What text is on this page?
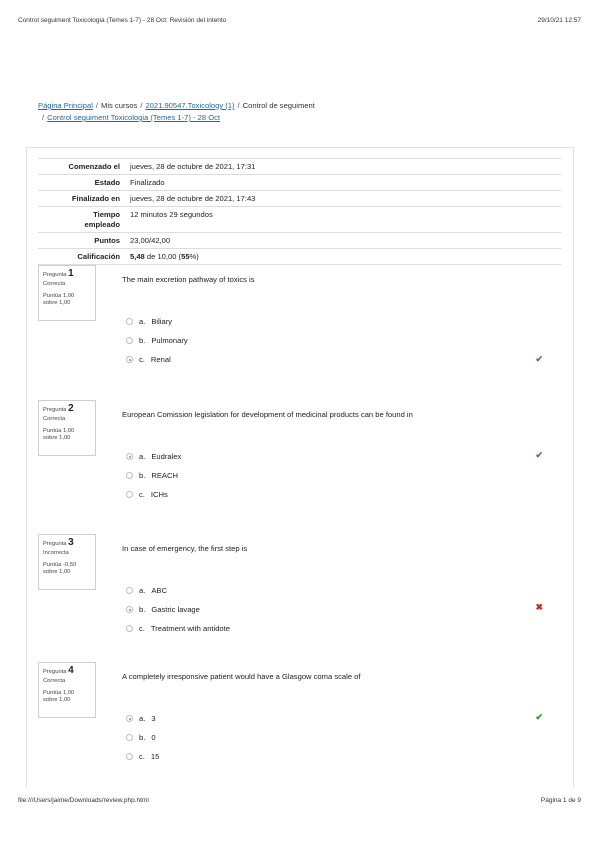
Control seguiment Toxicologia (Temes 1-7) - 28 Oct: Revisión del intento	29/10/21 12:57
Página Principal / Mis cursos / 2021.90547.Toxicology (1) / Control de seguiment
/ Control seguiment Toxicologia (Temes 1-7) - 28 Oct
Comenzado el	jueves, 28 de octubre de 2021, 17:31
Estado	Finalizado
Finalizado en	jueves, 28 de octubre de 2021, 17:43
Tiempo
empleado	12 minutos 29 segundos
Puntos	23,00/42,00
Calificación	5,48 de 10,00 (55%)
Pregunta 1
Correcta
Puntúa 1,00
sobre 1,00
The main excretion pathway of toxics is
a. Biliary
b. Pulmonary
c. Renal	✔
Pregunta 2
Correcta
Puntúa 1,00
sobre 1,00
European Comission legislation for development of medicinal products can be found in
a. Eudralex
b. REACH
c. ICHs
✔
Pregunta 3
Incorrecta
Puntúa -0,50
sobre 1,00
In case of emergency, the first step is
a. ABC
b. Gastric lavage
c. Treatment with antidote
✖
Pregunta 4
Correcta
Puntúa 1,00
sobre 1,00
A completely irresponsive patient would have a Glasgow coma scale of
a. 3
b. 0
c. 15
✔
file:///Users/jaime/Downloads/review.php.html	Página 1 de 9
